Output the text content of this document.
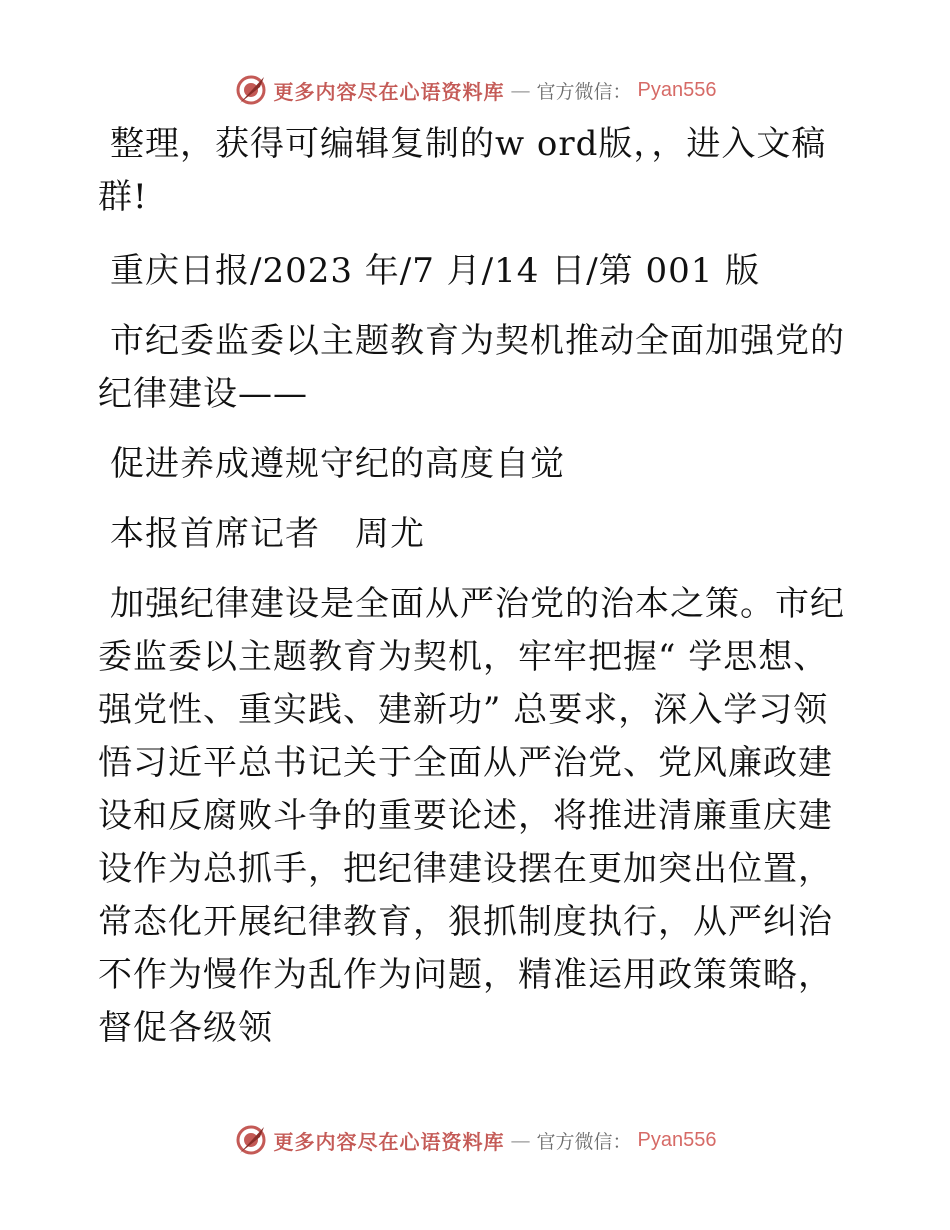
更多内容尽在心语资料库 — 官方微信： Pyan556

整理，获得可编辑复制的w ord版，，进入文稿群!

重庆日报/2023 年/7 月/14 日/第 001 版

市纪委监委以主题教育为契机推动全面加强党的纪律建设——

促进养成遵规守纪的高度自觉

本报首席记者　周尤

加强纪律建设是全面从严治党的治本之策。市纪委监委以主题教育为契机，牢牢把握“ 学思想、强党性、重实践、建新功” 总要求，深入学习领悟习近平总书记关于全面从严治党、党风廉政建设和反腐败斗争的重要论述，将推进清廉重庆建设作为总抓手，把纪律建设摆在更加突出位置，常态化开展纪律教育，狠抓制度执行，从严纠治不作为慢作为乱作为问题，精准运用政策策略，督促各级领

更多内容尽在心语资料库 — 官方微信： Pyan556
